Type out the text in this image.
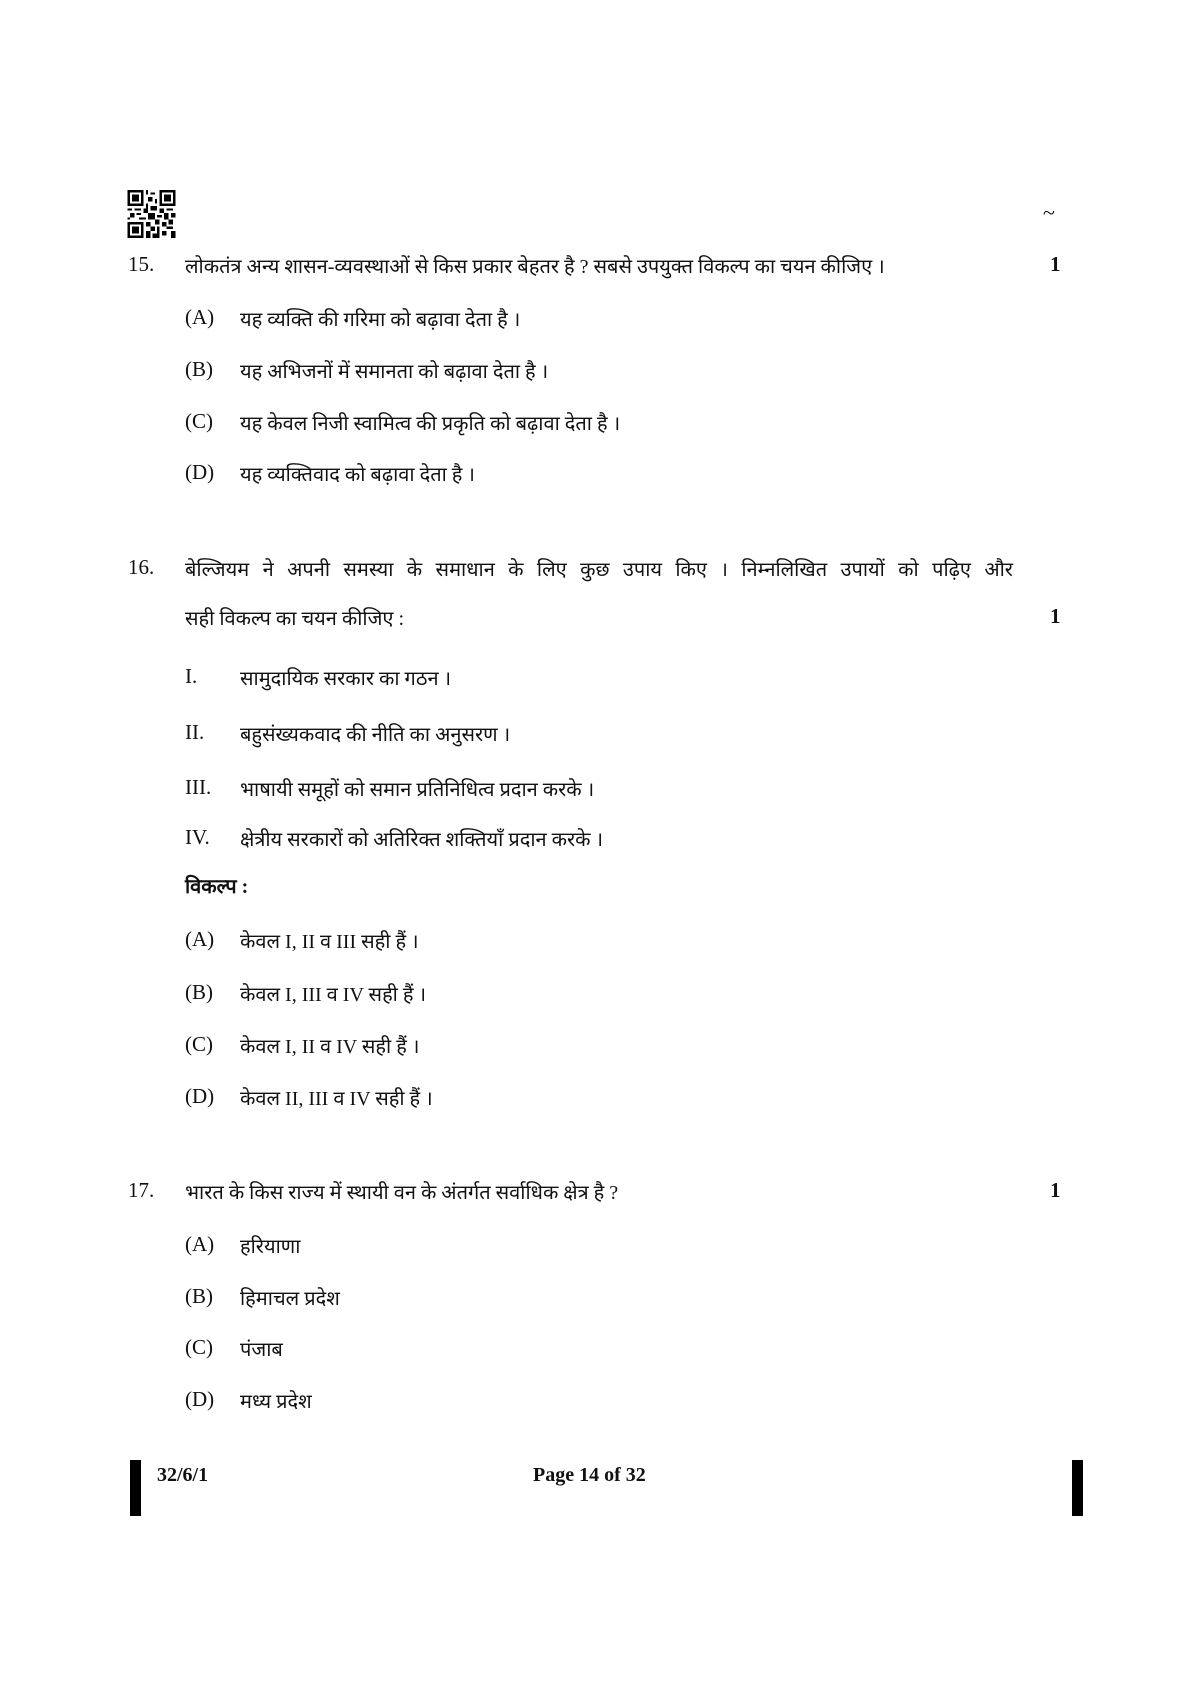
~
15. लोकतंत्र अन्य शासन-व्यवस्थाओं से किस प्रकार बेहतर है ? सबसे उपयुक्त विकल्प का चयन कीजिए ।	1
(A) यह व्यक्ति की गरिमा को बढ़ावा देता है ।
(B) यह अभिजनों में समानता को बढ़ावा देता है ।
(C) यह केवल निजी स्वामित्व की प्रकृति को बढ़ावा देता है ।
(D) यह व्यक्तिवाद को बढ़ावा देता है ।
16. बेल्जियम ने अपनी समस्या के समाधान के लिए कुछ उपाय किए । निम्नलिखित उपायों को पढ़िए और
सही विकल्प का चयन कीजिए :	1
I. सामुदायिक सरकार का गठन ।
II. बहुसंख्यकवाद की नीति का अनुसरण ।
III. भाषायी समूहों को समान प्रतिनिधित्व प्रदान करके ।
IV. क्षेत्रीय सरकारों को अतिरिक्त शक्तियाँ प्रदान करके ।
विकल्प :
(A) केवल I, II व III सही हैं ।
(B) केवल I, III व IV सही हैं ।
(C) केवल I, II व IV सही हैं ।
(D) केवल II, III व IV सही हैं ।
17. भारत के किस राज्य में स्थायी वन के अंतर्गत सर्वाधिक क्षेत्र है ?	1
(A) हरियाणा
(B) हिमाचल प्रदेश
(C) पंजाब
(D) मध्य प्रदेश
32/6/1	Page 14 of 32
